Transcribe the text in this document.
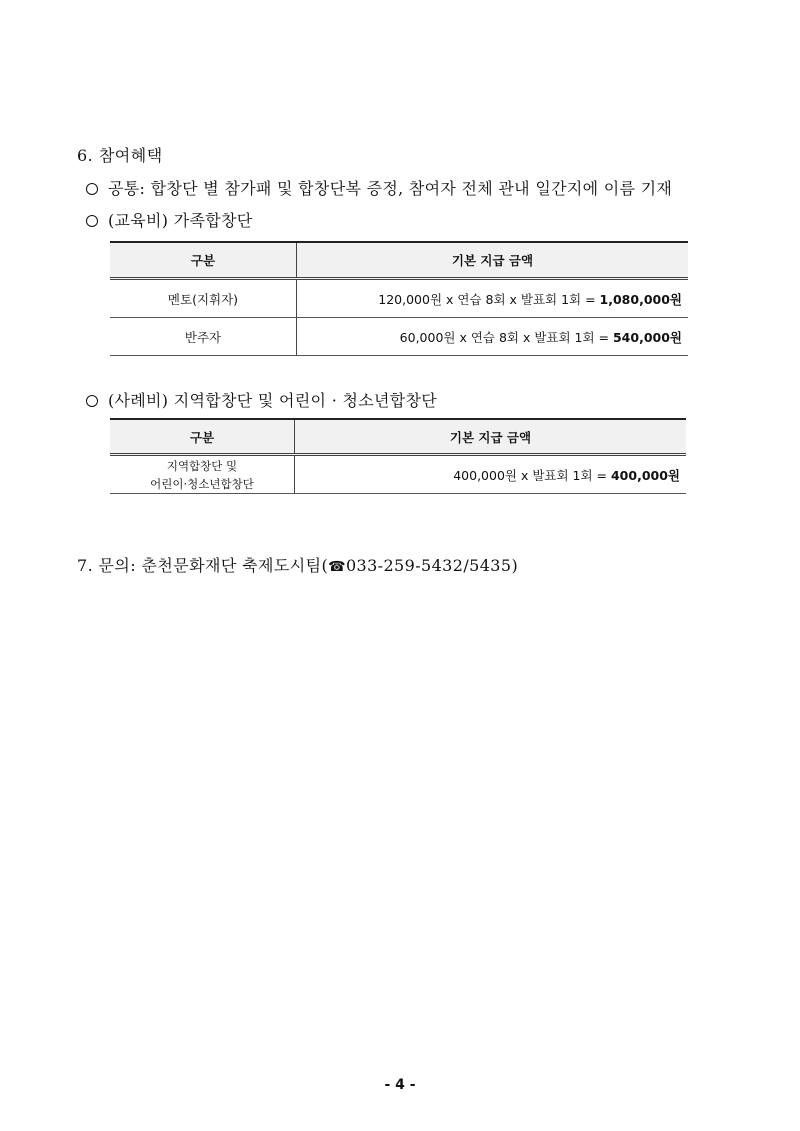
6. 참여혜택
공통: 합창단 별 참가패 및 합창단복 증정, 참여자 전체 관내 일간지에 이름 기재
(교육비) 가족합창단
구분	기본 지급 금액
멘토(지휘자)	120,000원 x 연습 8회 x 발표회 1회 = 1,080,000원
반주자	60,000원 x 연습 8회 x 발표회 1회 = 540,000원
(사례비) 지역합창단 및 어린이 · 청소년합창단
구분	기본 지급 금액

지역합창단 및
어린이·청소년합창단	400,000원 x 발표회 1회 = 400,000원
7. 문의: 춘천문화재단 축제도시팀(☎033-259-5432/5435)
- 4 -
